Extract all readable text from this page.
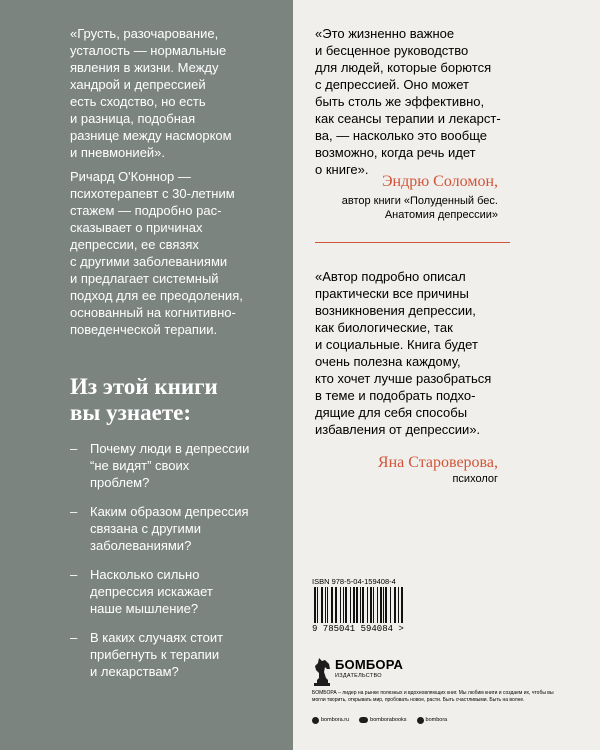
«Грусть, разочарование,
усталость — нормальные
явления в жизни. Между
хандрой и депрессией
есть сходство, но есть
и разница, подобная
разнице между насморком
и пневмонией».

Ричард О'Коннор —
психотерапевт с 30-летним
стажем — подробно рас-
сказывает о причинах
депрессии, ее связях
с другими заболеваниями
и предлагает системный
подход для ее преодоления,
основанный на когнитивно-
поведенческой терапии.

Из этой книги
вы узнаете:
– Почему люди в депрессии
“не видят” своих
проблем?
– Каким образом депрессия
связана с другими
заболеваниями?
– Насколько сильно
депрессия искажает
наше мышление?
– В каких случаях стоит
прибегнуть к терапии
и лекарствам?

«Это жизненно важное
и бесценное руководство
для людей, которые борются
с депрессией. Оно может
быть столь же эффективно,
как сеансы терапии и лекарст-
ва, — насколько это вообще
возможно, когда речь идет
о книге».

Эндрю Соломон,

автор книги «Полуденный бес.
Анатомия депрессии»

«Автор подробно описал
практически все причины
возникновения депрессии,
как биологические, так
и социальные. Книга будет
очень полезна каждому,
кто хочет лучше разобраться
в теме и подобрать подхо-
дящие для себя способы
избавления от депрессии».

Яна Староверова,

психолог

ISBN 978-5-04-159408-4
9 785041 594084 >
БОМБОРА
ИЗДАТЕЛЬСТВО

БОМБОРА – лидер на рынке полезных и вдохновляющих книг. Мы любим книги и создаем их, чтобы вы могли творить, открывать мир, пробовать новое, расти. Быть счастливыми. Быть на волне.

bombora.ru	bomborabooks	bombora
